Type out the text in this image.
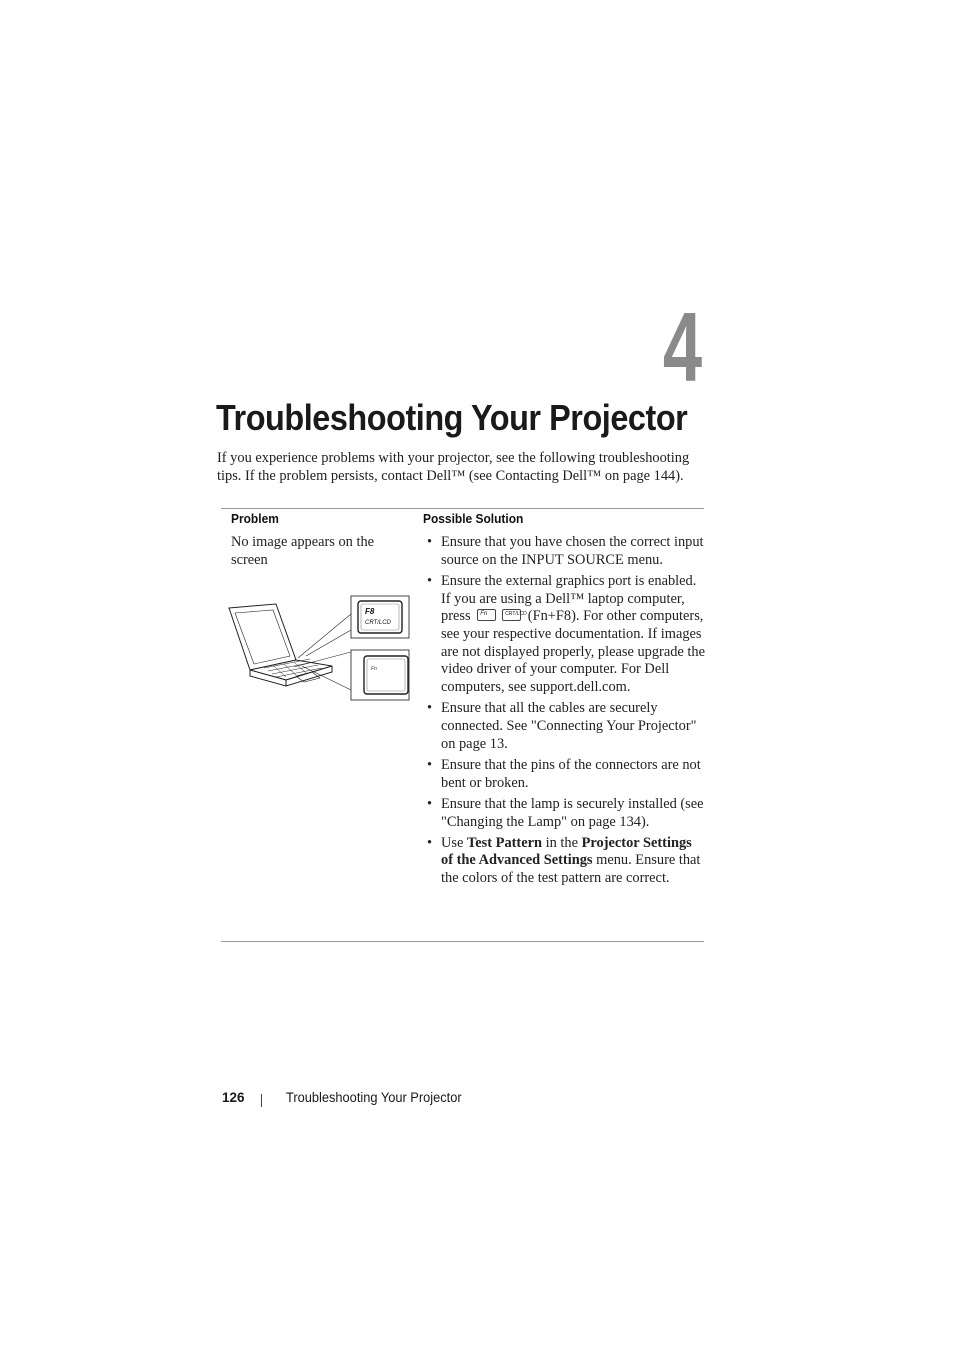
4
Troubleshooting Your Projector

If you experience problems with your projector, see the following troubleshooting tips. If the problem persists, contact Dell™ (see Contacting Dell™ on page 144).

Problem	Possible Solution

No image appears on the screen

F8
CRT/LCD
Fn
• Ensure that you have chosen the correct input source on the INPUT SOURCE menu.
• Ensure the external graphics port is enabled. If you are using a Dell™ laptop computer, press Fn	CRT/LCD (Fn+F8). For other computers, see your respective documentation. If images are not displayed properly, please upgrade the video driver of your computer. For Dell computers, see support.dell.com.
• Ensure that all the cables are securely connected. See "Connecting Your Projector" on page 13.
• Ensure that the pins of the connectors are not bent or broken.
• Ensure that the lamp is securely installed (see "Changing the Lamp" on page 134).
• Use Test Pattern in the Projector Settings of the Advanced Settings menu. Ensure that the colors of the test pattern are correct.
126	Troubleshooting Your Projector
